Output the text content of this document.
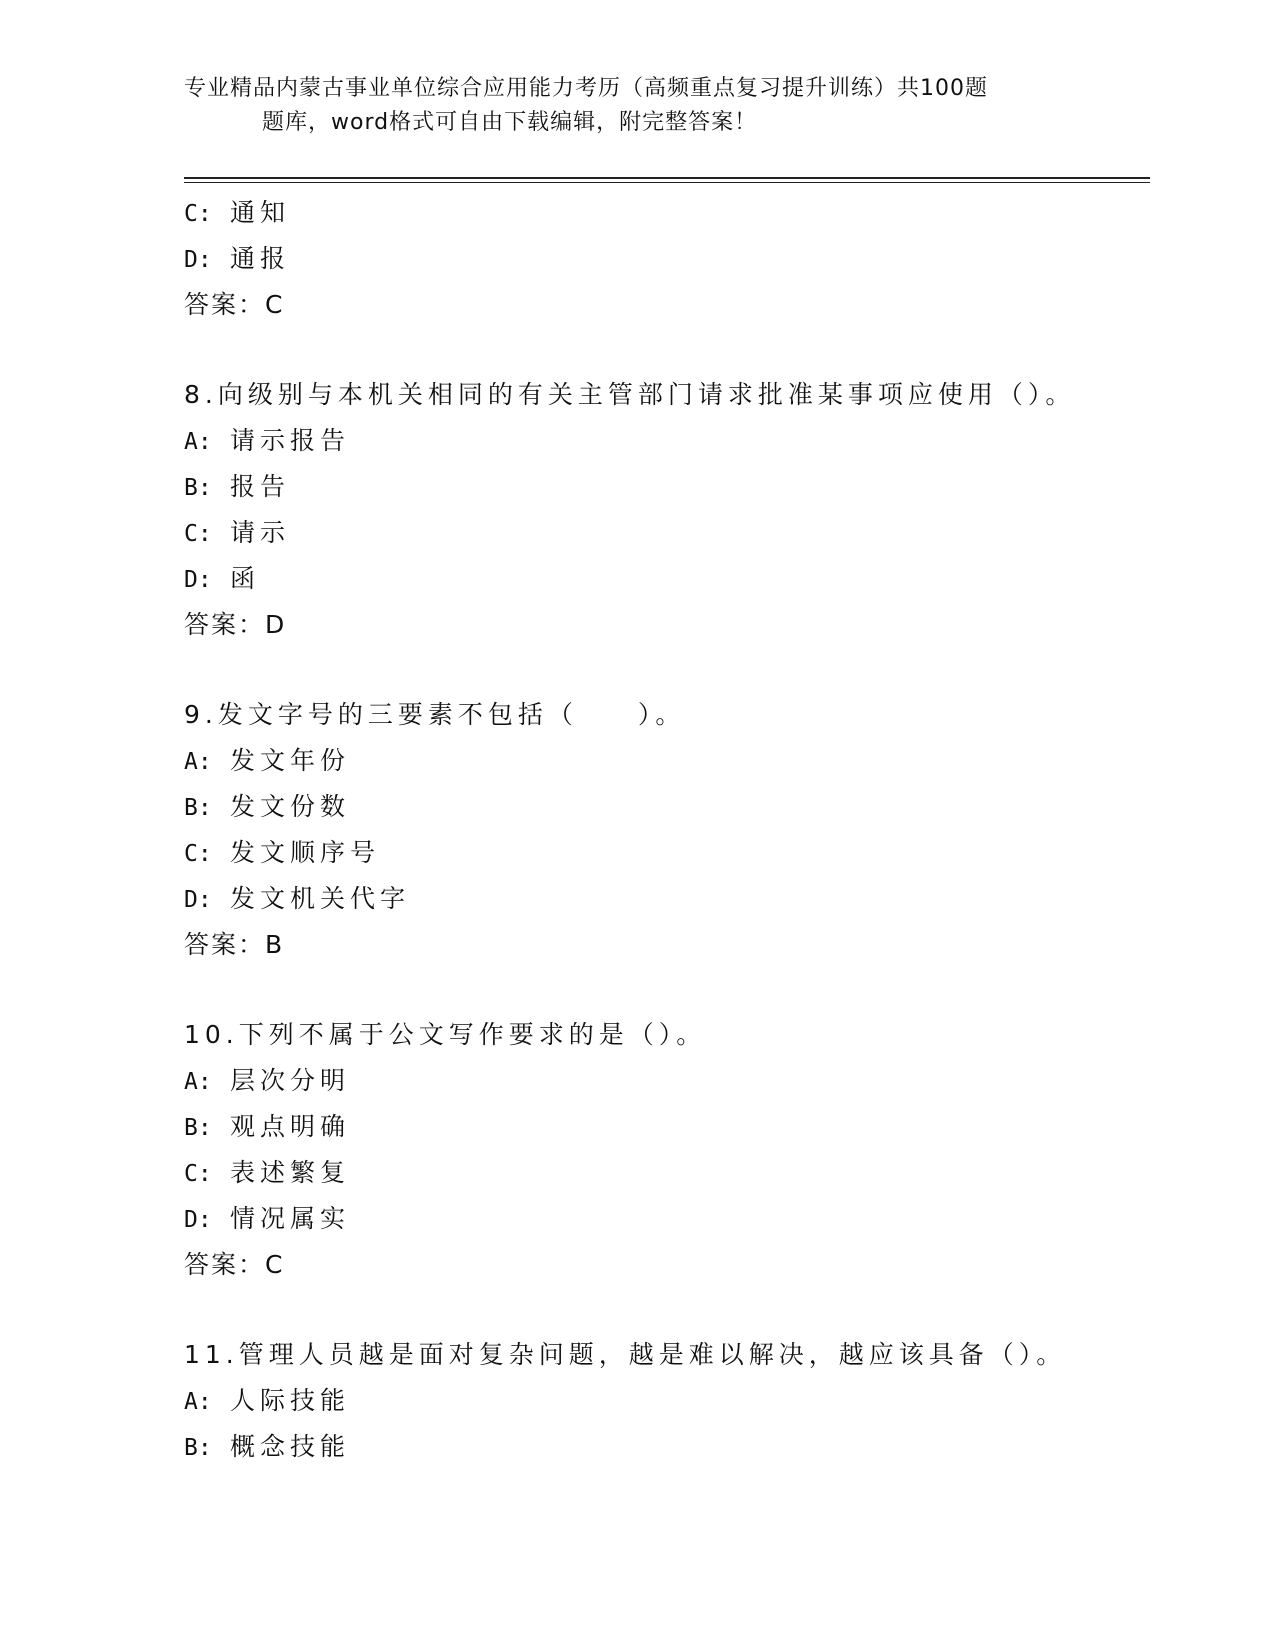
专业精品内蒙古事业单位综合应用能力考历（高频重点复习提升训练）共100题
题库，word格式可自由下载编辑，附完整答案！
C: 通知
D: 通报
答案：C
8.向级别与本机关相同的有关主管部门请求批准某事项应使用（）。
A: 请示报告
B: 报告
C: 请示
D: 函
答案：D
9.发文字号的三要素不包括（　　）。
A: 发文年份
B: 发文份数
C: 发文顺序号
D: 发文机关代字
答案：B
10.下列不属于公文写作要求的是（）。
A: 层次分明
B: 观点明确
C: 表述繁复
D: 情况属实
答案：C
11.管理人员越是面对复杂问题，越是难以解决，越应该具备（）。
A: 人际技能
B: 概念技能
